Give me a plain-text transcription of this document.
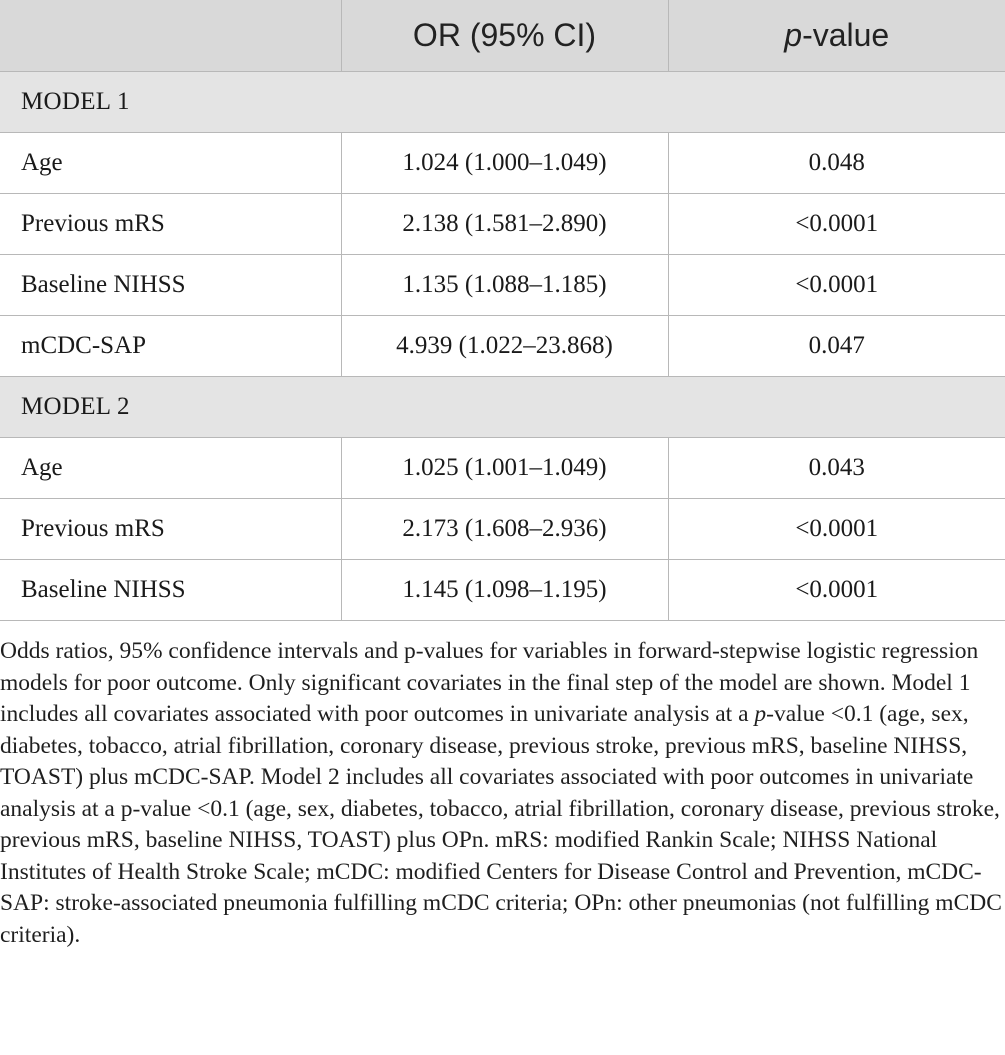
	OR (95% CI)	p-value
MODEL 1		
Age	1.024 (1.000–1.049)	0.048
Previous mRS	2.138 (1.581–2.890)	<0.0001
Baseline NIHSS	1.135 (1.088–1.185)	<0.0001
mCDC-SAP	4.939 (1.022–23.868)	0.047
MODEL 2		
Age	1.025 (1.001–1.049)	0.043
Previous mRS	2.173 (1.608–2.936)	<0.0001
Baseline NIHSS	1.145 (1.098–1.195)	<0.0001

Odds ratios, 95% confidence intervals and p-values for variables in forward-stepwise logistic regression models for poor outcome. Only significant covariates in the final step of the model are shown. Model 1 includes all covariates associated with poor outcomes in univariate analysis at a p-value <0.1 (age, sex, diabetes, tobacco, atrial fibrillation, coronary disease, previous stroke, previous mRS, baseline NIHSS, TOAST) plus mCDC-SAP. Model 2 includes all covariates associated with poor outcomes in univariate analysis at a p-value <0.1 (age, sex, diabetes, tobacco, atrial fibrillation, coronary disease, previous stroke, previous mRS, baseline NIHSS, TOAST) plus OPn. mRS: modified Rankin Scale; NIHSS National Institutes of Health Stroke Scale; mCDC: modified Centers for Disease Control and Prevention, mCDC-SAP: stroke-associated pneumonia fulfilling mCDC criteria; OPn: other pneumonias (not fulfilling mCDC criteria).
